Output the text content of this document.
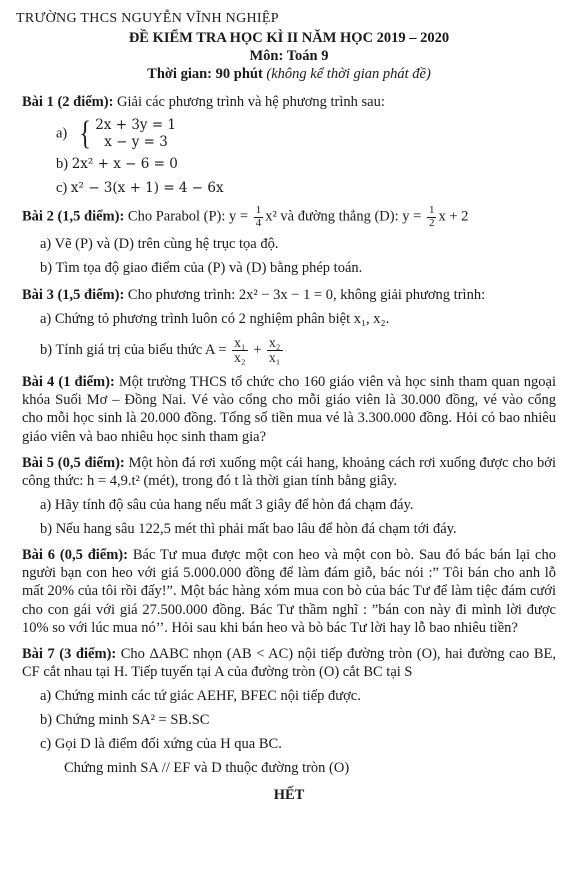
TRƯỜNG THCS NGUYỄN VĨNH NGHIỆP
ĐỀ KIỂM TRA HỌC KÌ II NĂM HỌC 2019 – 2020
Môn: Toán 9
Thời gian: 90 phút (không kể thời gian phát đề)

Bài 1 (2 điểm): Giải các phương trình và hệ phương trình sau:

a) { 2x + 3y = 1
x − y = 3
b) 2x² + x − 6 = 0
c) x² − 3(x + 1) = 4 − 6x

Bài 2 (1,5 điểm): Cho Parabol (P): $y = \frac{1}{4} x^2$ và đường thẳng (D): $y = \frac{1}{2}$ x + 2

a) Vẽ (P) và (D) trên cùng hệ trục tọa độ.
b) Tìm tọa độ giao điểm của (P) và (D) bằng phép toán.

Bài 3 (1,5 điểm): Cho phương trình: 2x² − 3x − 1 = 0, không giải phương trình:

a) Chứng tỏ phương trình luôn có 2 nghiệm phân biệt x₁, x₂.
b) Tính giá trị của biểu thức $A = \frac{\text{x₁}}{\text{x₂}} + \frac{\text{x₂}}{\text{x₁}}$

Bài 4 (1 điểm): Một trường THCS tổ chức cho 160 giáo viên và học sinh tham quan ngoại khóa Suối Mơ – Đồng Nai. Vé vào cổng cho mỗi giáo viên là 30.000 đồng, vé vào cổng cho mỗi học sinh là 20.000 đồng. Tổng số tiền mua vé là 3.300.000 đồng. Hỏi có bao nhiêu giáo viên và bao nhiêu học sinh tham gia?

Bài 5 (0,5 điểm): Một hòn đá rơi xuống một cái hang, khoảng cách rơi xuống được cho bởi công thức: h = 4,9.t² (mét), trong đó t là thời gian tính bằng giây.

a) Hãy tính độ sâu của hang nếu mất 3 giây để hòn đá chạm đáy.
b) Nếu hang sâu 122,5 mét thì phải mất bao lâu để hòn đá chạm tới đáy.

Bài 6 (0,5 điểm): Bác Tư mua được một con heo và một con bò. Sau đó bác bán lại cho người bạn con heo với giá 5.000.000 đồng để làm đám giỗ, bác nói :” Tôi bán cho anh lỗ mất 20% của tôi rồi đấy!”. Một bác hàng xóm mua con bò của bác Tư để làm tiệc đám cưới cho con gái với giá 27.500.000 đồng. Bác Tư thầm nghĩ : ”bán con này đi mình lời được 10% so với lúc mua nó’’. Hỏi sau khi bán heo và bò bác Tư lời hay lỗ bao nhiêu tiền?

Bài 7 (3 điểm): Cho ΔABC nhọn (AB < AC) nội tiếp đường tròn (O), hai đường cao BE, CF cắt nhau tại H. Tiếp tuyến tại A của đường tròn (O) cắt BC tại S

a) Chứng minh các tứ giác AEHF, BFEC nội tiếp được.
b) Chứng minh SA² = SB.SC
c) Gọi D là điểm đối xứng của H qua BC.
Chứng minh SA // EF và D thuộc đường tròn (O)
HẾT
